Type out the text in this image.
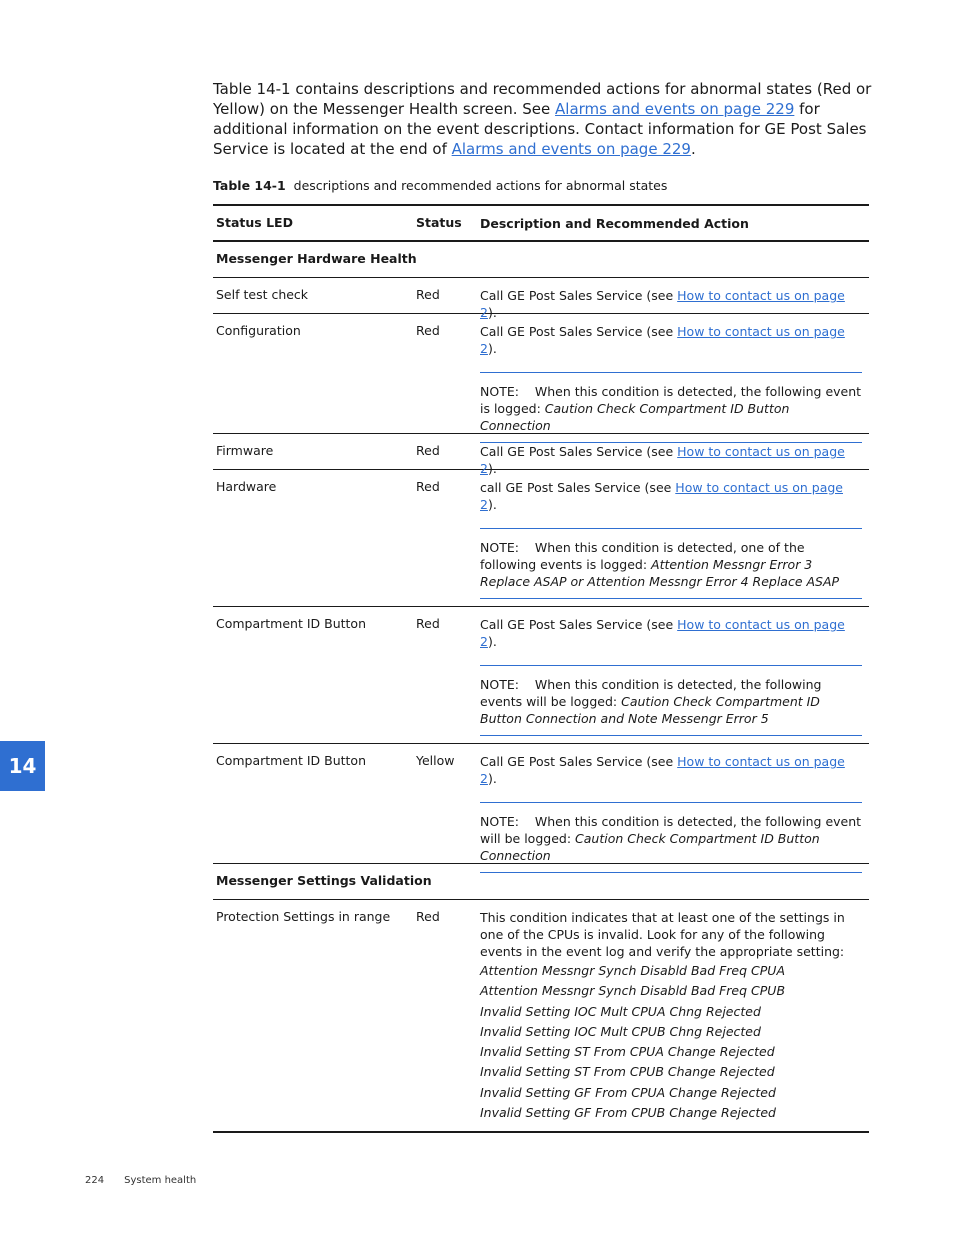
Table 14-1 contains descriptions and recommended actions for abnormal states (Red or Yellow) on the Messenger Health screen. See Alarms and events on page 229 for additional information on the event descriptions. Contact information for GE Post Sales Service is located at the end of Alarms and events on page 229.

Table 14-1 descriptions and recommended actions for abnormal states

Status LED	Status	Description and Recommended Action
Messenger Hardware Health
Self test check	Red	Call GE Post Sales Service (see How to contact us on page 2).
Configuration	Red	Call GE Post Sales Service (see How to contact us on page 2).
NOTE: When this condition is detected, the following event is logged: Caution Check Compartment ID Button Connection
Firmware	Red	Call GE Post Sales Service (see How to contact us on page 2).
Hardware	Red	call GE Post Sales Service (see How to contact us on page 2).
NOTE: When this condition is detected, one of the following events is logged: Attention Messngr Error 3 Replace ASAP or Attention Messngr Error 4 Replace ASAP
Compartment ID Button	Red	Call GE Post Sales Service (see How to contact us on page 2).
NOTE: When this condition is detected, the following events will be logged: Caution Check Compartment ID Button Connection and Note Messengr Error 5
Compartment ID Button	Yellow	Call GE Post Sales Service (see How to contact us on page 2).
NOTE: When this condition is detected, the following event will be logged: Caution Check Compartment ID Button Connection
Messenger Settings Validation
Protection Settings in range	Red	This condition indicates that at least one of the settings in one of the CPUs is invalid. Look for any of the following events in the event log and verify the appropriate setting:
Attention Messngr Synch Disabld Bad Freq CPUA
Attention Messngr Synch Disabld Bad Freq CPUB
Invalid Setting IOC Mult CPUA Chng Rejected
Invalid Setting IOC Mult CPUB Chng Rejected
Invalid Setting ST From CPUA Change Rejected
Invalid Setting ST From CPUB Change Rejected
Invalid Setting GF From CPUA Change Rejected
Invalid Setting GF From CPUB Change Rejected
14
224 System health
